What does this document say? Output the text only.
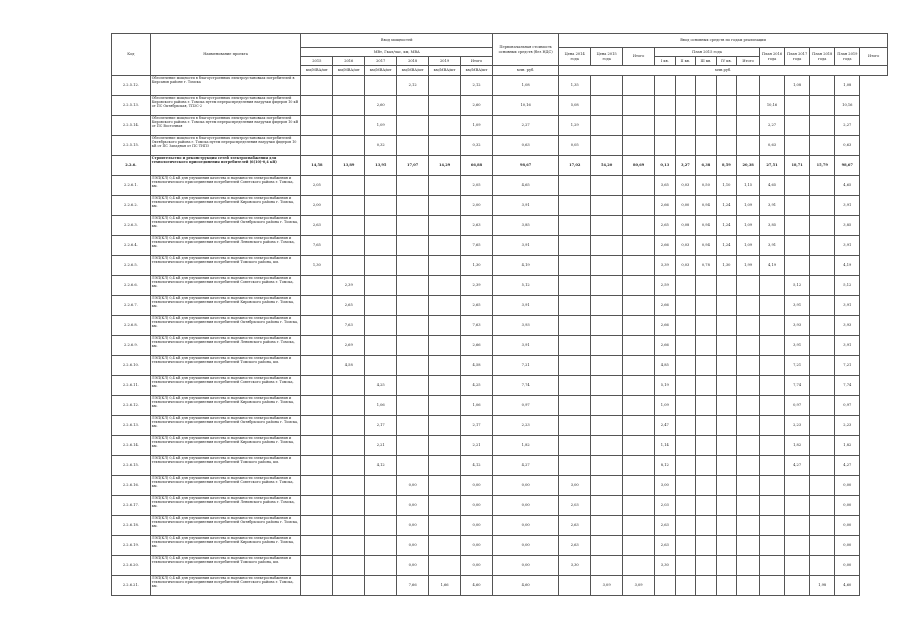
Код	Наименование проекта	Ввод мощностей						Первоначальная стоимость основных средств (без НДС)	Ввод основных средств по годам реализации												
		МВт, Гкал/час, км, МВА							Цена 2014 года	Цена 2015 года	Итого	План 2015 года					План 2016 года	План 2017 года	План 2018 года	План 2019 года	Итого
		2015	2016	2017	2018	2019	Итого					I кв.	II кв.	III кв.	IV кв.	Итого					
		км/МВА/шт	км/МВА/шт	км/МВА/шт	км/МВА/шт	км/МВА/шт	км/МВА/шт	млн. руб.	млн.руб.												
2.2.5.12.	Обеспечение мощности в благоустроенных электроустановках потребителей в Кирсанов районе г. Томска				2,12		2,12	1,08	1,35									1,08		1,08	
2.2.5.13.	Обеспечение мощности в благоустроенных электроустановках потребителей Кировского района г. Томска путем перераспределения нагрузки фидеров 10 кВ от ПС Октябрьская, ТП3С-2			2,60			2,60	10,16	5,08								10,16			10,16	
2.2.5.14.	Обеспечение мощности в благоустроенных электроустановках потребителей Кировского района г. Томска путем перераспределения нагрузки фидеров 10 кВ от ПС Восточная			1,09			1,09	2,27	1,29								2,27			2,27	
2.2.5.15.	Обеспечение мощности в благоустроенных электроустановках потребителей Октябрьского района г. Томска путем перераспределения нагрузки фидеров 10 кВ от ПС Западная от ПС ТНПЗ			0,32			0,32	0,63	0,05								0,63			0,63	
2.2.6.	Строительство и реконструкция сетей электроснабжения для технологического присоединения потребителей (6(10)-0,4 кВ)	14,58	13,89	13,95	17,07	14,29	66,88	98,67	17,02	54,20	80,69	0,13	3,27	6,38	8,59	20,38	27,51	18,71	15,79	98,67	
2.2.6.1.	ЛЭП(КЛ) 0,4 кВ для улучшения качества и надежности электроснабжения и технологического присоединения потребителей Советского района г. Томска, км.	2,05					2,05	4,65				3,65	0,03	0,50	1,10	1,15	4,65			4,65	
2.2.6.2.	ЛЭП(КЛ) 0,4 кВ для улучшения качества и надежности электроснабжения и технологического присоединения потребителей Кировского района г. Томска, км.	2,00					2,00	3,91				2,66	0,00	0,94	1,24	1,09	3,91			3,91	
2.2.6.3.	ЛЭП(КЛ) 0,4 кВ для улучшения качества и надежности электроснабжения и технологического присоединения потребителей Октябрьского района г. Томска, км.	2,63					2,63	3,85				2,65	0,08	0,94	1,24	1,09	3,85			3,85	
2.2.6.4.	ЛЭП(КЛ) 0,4 кВ для улучшения качества и надежности электроснабжения и технологического присоединения потребителей Ленинского района г. Томска, км.	7,65					7,65	3,91				2,66	0,03	0,94	1,24	1,09	3,91			3,91	
2.2.6.5.	ЛЭП(КЛ) 0,4 кВ для улучшения качества и надежности электроснабжения и технологического присоединения потребителей Томского района, км.	1,30					1,30	4,19				3,39	0,03	0,78	1,30	1,99	4,19			4,19	
2.2.6.6.	ЛЭП(КЛ) 0,4 кВ для улучшения качества и надежности электроснабжения и технологического присоединения потребителей Советского района г. Томска, км.		2,39				2,39	5,12				2,59						5,12		5,12	
2.2.6.7.	ЛЭП(КЛ) 0,4 кВ для улучшения качества и надежности электроснабжения и технологического присоединения потребителей Кировского района г. Томска, км.		2,65				2,65	3,91				2,66						3,91		3,91	
2.2.6.8.	ЛЭП(КЛ) 0,4 кВ для улучшения качества и надежности электроснабжения и технологического присоединения потребителей Октябрьского района г. Томска, км.		7,63				7,63	3,93				2,66						3,93		3,93	
2.2.6.9.	ЛЭП(КЛ) 0,4 кВ для улучшения качества и надежности электроснабжения и технологического присоединения потребителей Ленинского района г. Томска, км.		2,69				2,66	3,91				2,66						3,91		3,91	
2.2.6.10.	ЛЭП(КЛ) 0,4 кВ для улучшения качества и надежности электроснабжения и технологического присоединения потребителей Томского района, км.		4,58				4,58	7,21				4,85						7,21		7,21	
2.2.6.11.	ЛЭП(КЛ) 0,4 кВ для улучшения качества и надежности электроснабжения и технологического присоединения потребителей Советского района г. Томска, км.			4,25			4,25	7,74				5,19						7,74		7,74	
2.2.6.12.	ЛЭП(КЛ) 0,4 кВ для улучшения качества и надежности электроснабжения и технологического присоединения потребителей Кировского района г. Томска, км.			1,06			1,06	0,97				1,09						0,97		0,97	
2.2.6.13.	ЛЭП(КЛ) 0,4 кВ для улучшения качества и надежности электроснабжения и технологического присоединения потребителей Октябрьского района г. Томска, км.			2,17			2,17	2,23				2,47						2,23		2,23	
2.2.6.14.	ЛЭП(КЛ) 0,4 кВ для улучшения качества и надежности электроснабжения и технологического присоединения потребителей Кировского района г. Томска, км.			2,21			2,21	1,82				1,14						1,82		1,82	
2.2.6.15.	ЛЭП(КЛ) 0,4 кВ для улучшения качества и надежности электроснабжения и технологического присоединения потребителей Томского района, км.			4,12			4,12	4,27				8,12						4,27		4,27	
2.2.6.16.	ЛЭП(КЛ) 0,4 кВ для улучшения качества и надежности электроснабжения и технологического присоединения потребителей Советского района г. Томска, км.				0,00		0,00	0,00	3,00			3,00								0,00	
2.2.6.17.	ЛЭП(КЛ) 0,4 кВ для улучшения качества и надежности электроснабжения и технологического присоединения потребителей Ленинского района г. Томска, км.				0,00		0,00	0,00	2,03			2,03								0,00	
2.2.6.18.	ЛЭП(КЛ) 0,4 кВ для улучшения качества и надежности электроснабжения и технологического присоединения потребителей Октябрьского района г. Томска, км.				0,00		0,00	0,00	2,63			2,63								0,00	
2.2.6.19.	ЛЭП(КЛ) 0,4 кВ для улучшения качества и надежности электроснабжения и технологического присоединения потребителей Кировского района г. Томска, км.				0,00		0,00	0,00	2,63			2,63								0,00	
2.2.6.20.	ЛЭП(КЛ) 0,4 кВ для улучшения качества и надежности электроснабжения и технологического присоединения потребителей Томского района, км.				0,00		0,00	0,00	3,30			3,30								0,00	
2.2.6.21.	ЛЭП(КЛ) 0,4 кВ для улучшения качества и надежности электроснабжения и технологического присоединения потребителей Советского района г. Томска, км.				7,66	1,66	4,60	4,60		3,09	3,09								1,98	4,60	
